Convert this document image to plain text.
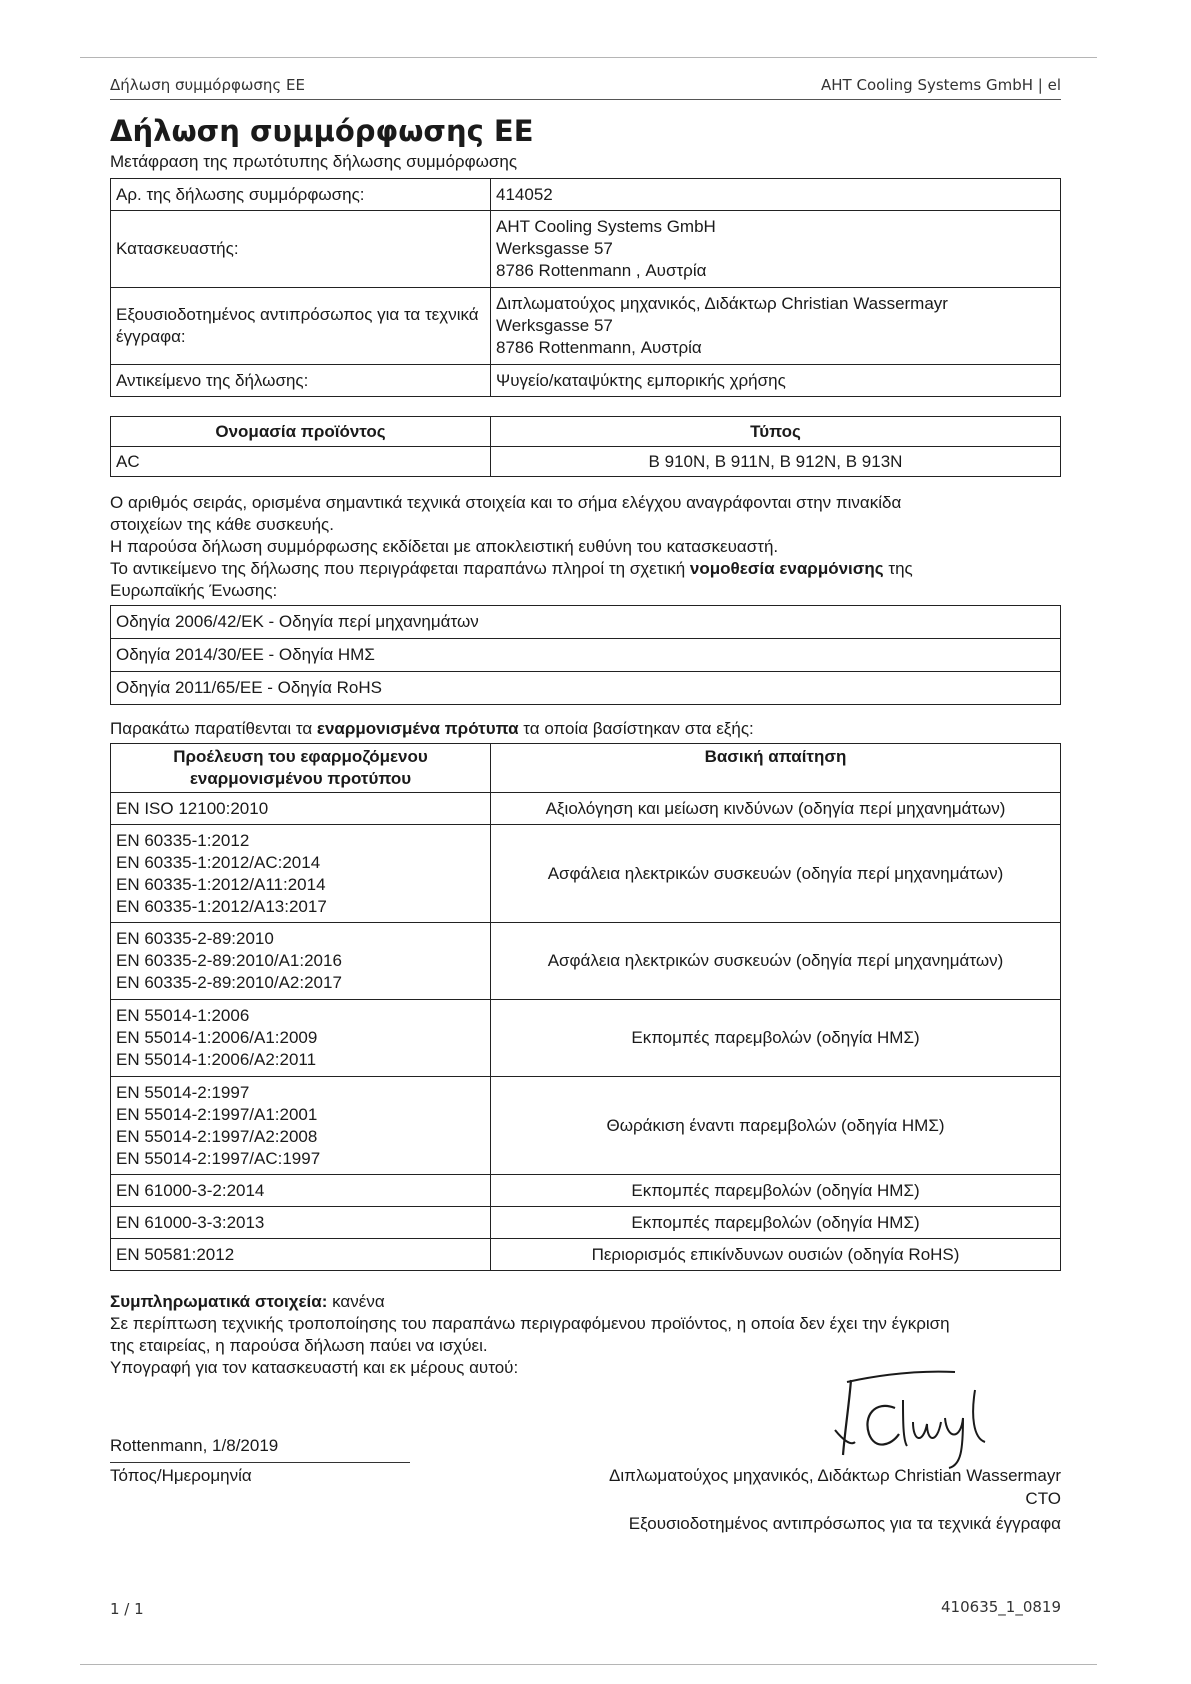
Δήλωση συμμόρφωσης ΕΕ	AHT Cooling Systems GmbH | el
Δήλωση συμμόρφωσης ΕΕ
Μετάφραση της πρωτότυπης δήλωσης συμμόρφωσης
Αρ. της δήλωσης συμμόρφωσης:	414052
Κατασκευαστής:	AHT Cooling Systems GmbH
Werksgasse 57
8786 Rottenmann , Αυστρία

Εξουσιοδοτημένος αντιπρόσωπος για τα τεχνικά έγγραφα:	Διπλωματούχος μηχανικός, Διδάκτωρ Christian Wassermayr
Werksgasse 57
8786 Rottenmann, Αυστρία

Αντικείμενο της δήλωσης:	Ψυγείο/καταψύκτης εμπορικής χρήσης
Ονομασία προϊόντος	Τύπος
AC	B 910N, B 911N, B 912N, B 913N
Ο αριθμός σειράς, ορισμένα σημαντικά τεχνικά στοιχεία και το σήμα ελέγχου αναγράφονται στην πινακίδα
στοιχείων της κάθε συσκευής.
Η παρούσα δήλωση συμμόρφωσης εκδίδεται με αποκλειστική ευθύνη του κατασκευαστή.
Το αντικείμενο της δήλωσης που περιγράφεται παραπάνω πληροί τη σχετική νομοθεσία εναρμόνισης της
Ευρωπαϊκής Ένωσης:
Οδηγία 2006/42/ΕΚ - Οδηγία περί μηχανημάτων
Οδηγία 2014/30/ΕΕ - Οδηγία ΗΜΣ
Οδηγία 2011/65/ΕΕ - Οδηγία RoHS
Παρακάτω παρατίθενται τα εναρμονισμένα πρότυπα τα οποία βασίστηκαν στα εξής:
Προέλευση του εφαρμοζόμενου
εναρμονισμένου προτύπου	Βασική απαίτηση
EN ISO 12100:2010	Αξιολόγηση και μείωση κινδύνων (οδηγία περί μηχανημάτων)

EN 60335-1:2012
EN 60335-1:2012/AC:2014
EN 60335-1:2012/A11:2014
EN 60335-1:2012/A13:2017	Ασφάλεια ηλεκτρικών συσκευών (οδηγία περί μηχανημάτων)

EN 60335-2-89:2010
EN 60335-2-89:2010/A1:2016
EN 60335-2-89:2010/A2:2017	Ασφάλεια ηλεκτρικών συσκευών (οδηγία περί μηχανημάτων)

EN 55014-1:2006
EN 55014-1:2006/A1:2009
EN 55014-1:2006/A2:2011	Εκπομπές παρεμβολών (οδηγία ΗΜΣ)

EN 55014-2:1997
EN 55014-2:1997/A1:2001
EN 55014-2:1997/A2:2008
EN 55014-2:1997/AC:1997	Θωράκιση έναντι παρεμβολών (οδηγία ΗΜΣ)
EN 61000-3-2:2014	Εκπομπές παρεμβολών (οδηγία ΗΜΣ)
EN 61000-3-3:2013	Εκπομπές παρεμβολών (οδηγία ΗΜΣ)
EN 50581:2012	Περιορισμός επικίνδυνων ουσιών (οδηγία RoHS)
Συμπληρωματικά στοιχεία: κανένα
Σε περίπτωση τεχνικής τροποποίησης του παραπάνω περιγραφόμενου προϊόντος, η οποία δεν έχει την έγκριση
της εταιρείας, η παρούσα δήλωση παύει να ισχύει.
Υπογραφή για τον κατασκευαστή και εκ μέρους αυτού:
Rottenmann, 1/8/2019
Τόπος/Ημερομηνία	Διπλωματούχος μηχανικός, Διδάκτωρ Christian Wassermayr
CTO
Εξουσιοδοτημένος αντιπρόσωπος για τα τεχνικά έγγραφα
1 / 1	410635_1_0819
